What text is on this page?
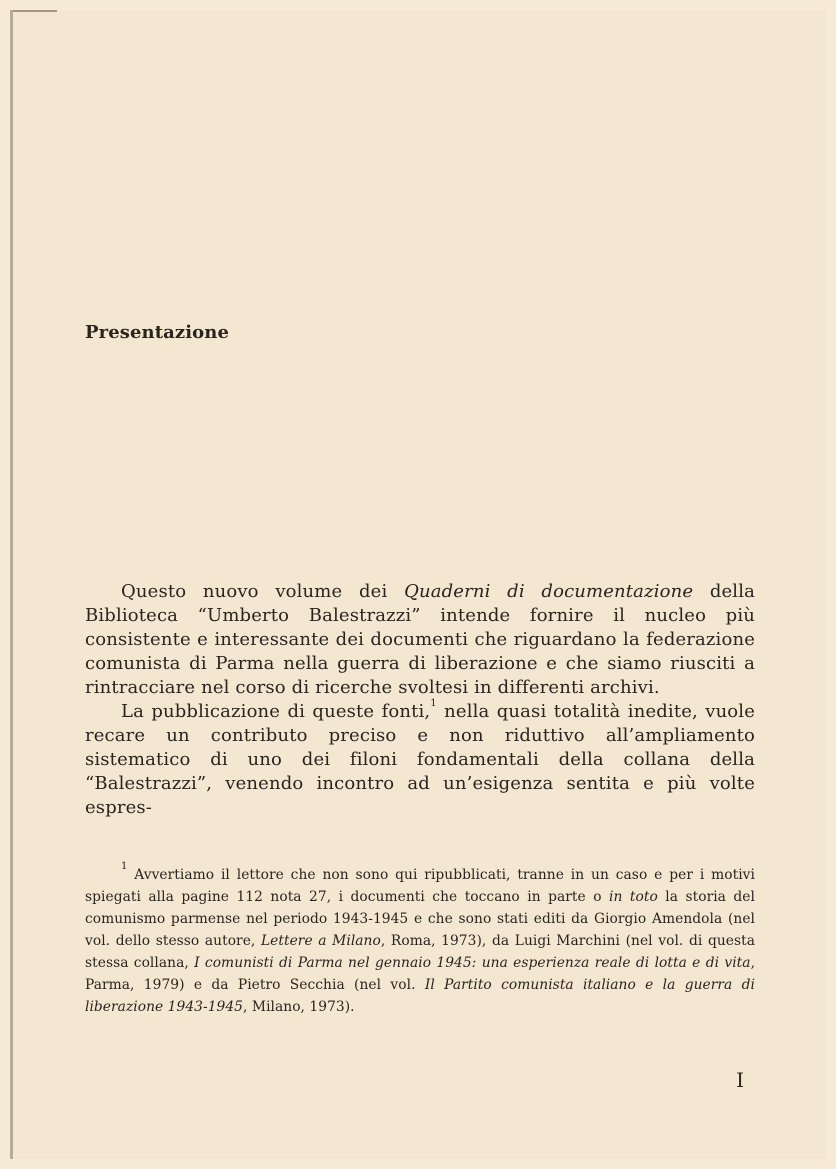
Presentazione

Questo nuovo volume dei Quaderni di documentazione della Biblioteca “Umberto Balestrazzi” intende fornire il nucleo più consistente e interessante dei documenti che riguardano la federazione comunista di Parma nella guerra di liberazione e che siamo riusciti a rintracciare nel corso di ricerche svoltesi in differenti archivi.

La pubblicazione di queste fonti,$^1$ nella quasi totalità inedite, vuole recare un contributo preciso e non riduttivo all’ampliamento sistematico di uno dei filoni fondamentali della collana della “Balestrazzi”, venendo incontro ad un’esigenza sentita e più volte espres-

$^1$ Avvertiamo il lettore che non sono qui ripubblicati, tranne in un caso e per i motivi spiegati alla pagine 112 nota 27, i documenti che toccano in parte o in toto la storia del comunismo parmense nel periodo 1943-1945 e che sono stati editi da Giorgio Amendola (nel vol. dello stesso autore, Lettere a Milano, Roma, 1973), da Luigi Marchini (nel vol. di questa stessa collana, I comunisti di Parma nel gennaio 1945: una esperienza reale di lotta e di vita, Parma, 1979) e da Pietro Secchia (nel vol. Il Partito comunista italiano e la guerra di liberazione 1943-1945, Milano, 1973).

I
